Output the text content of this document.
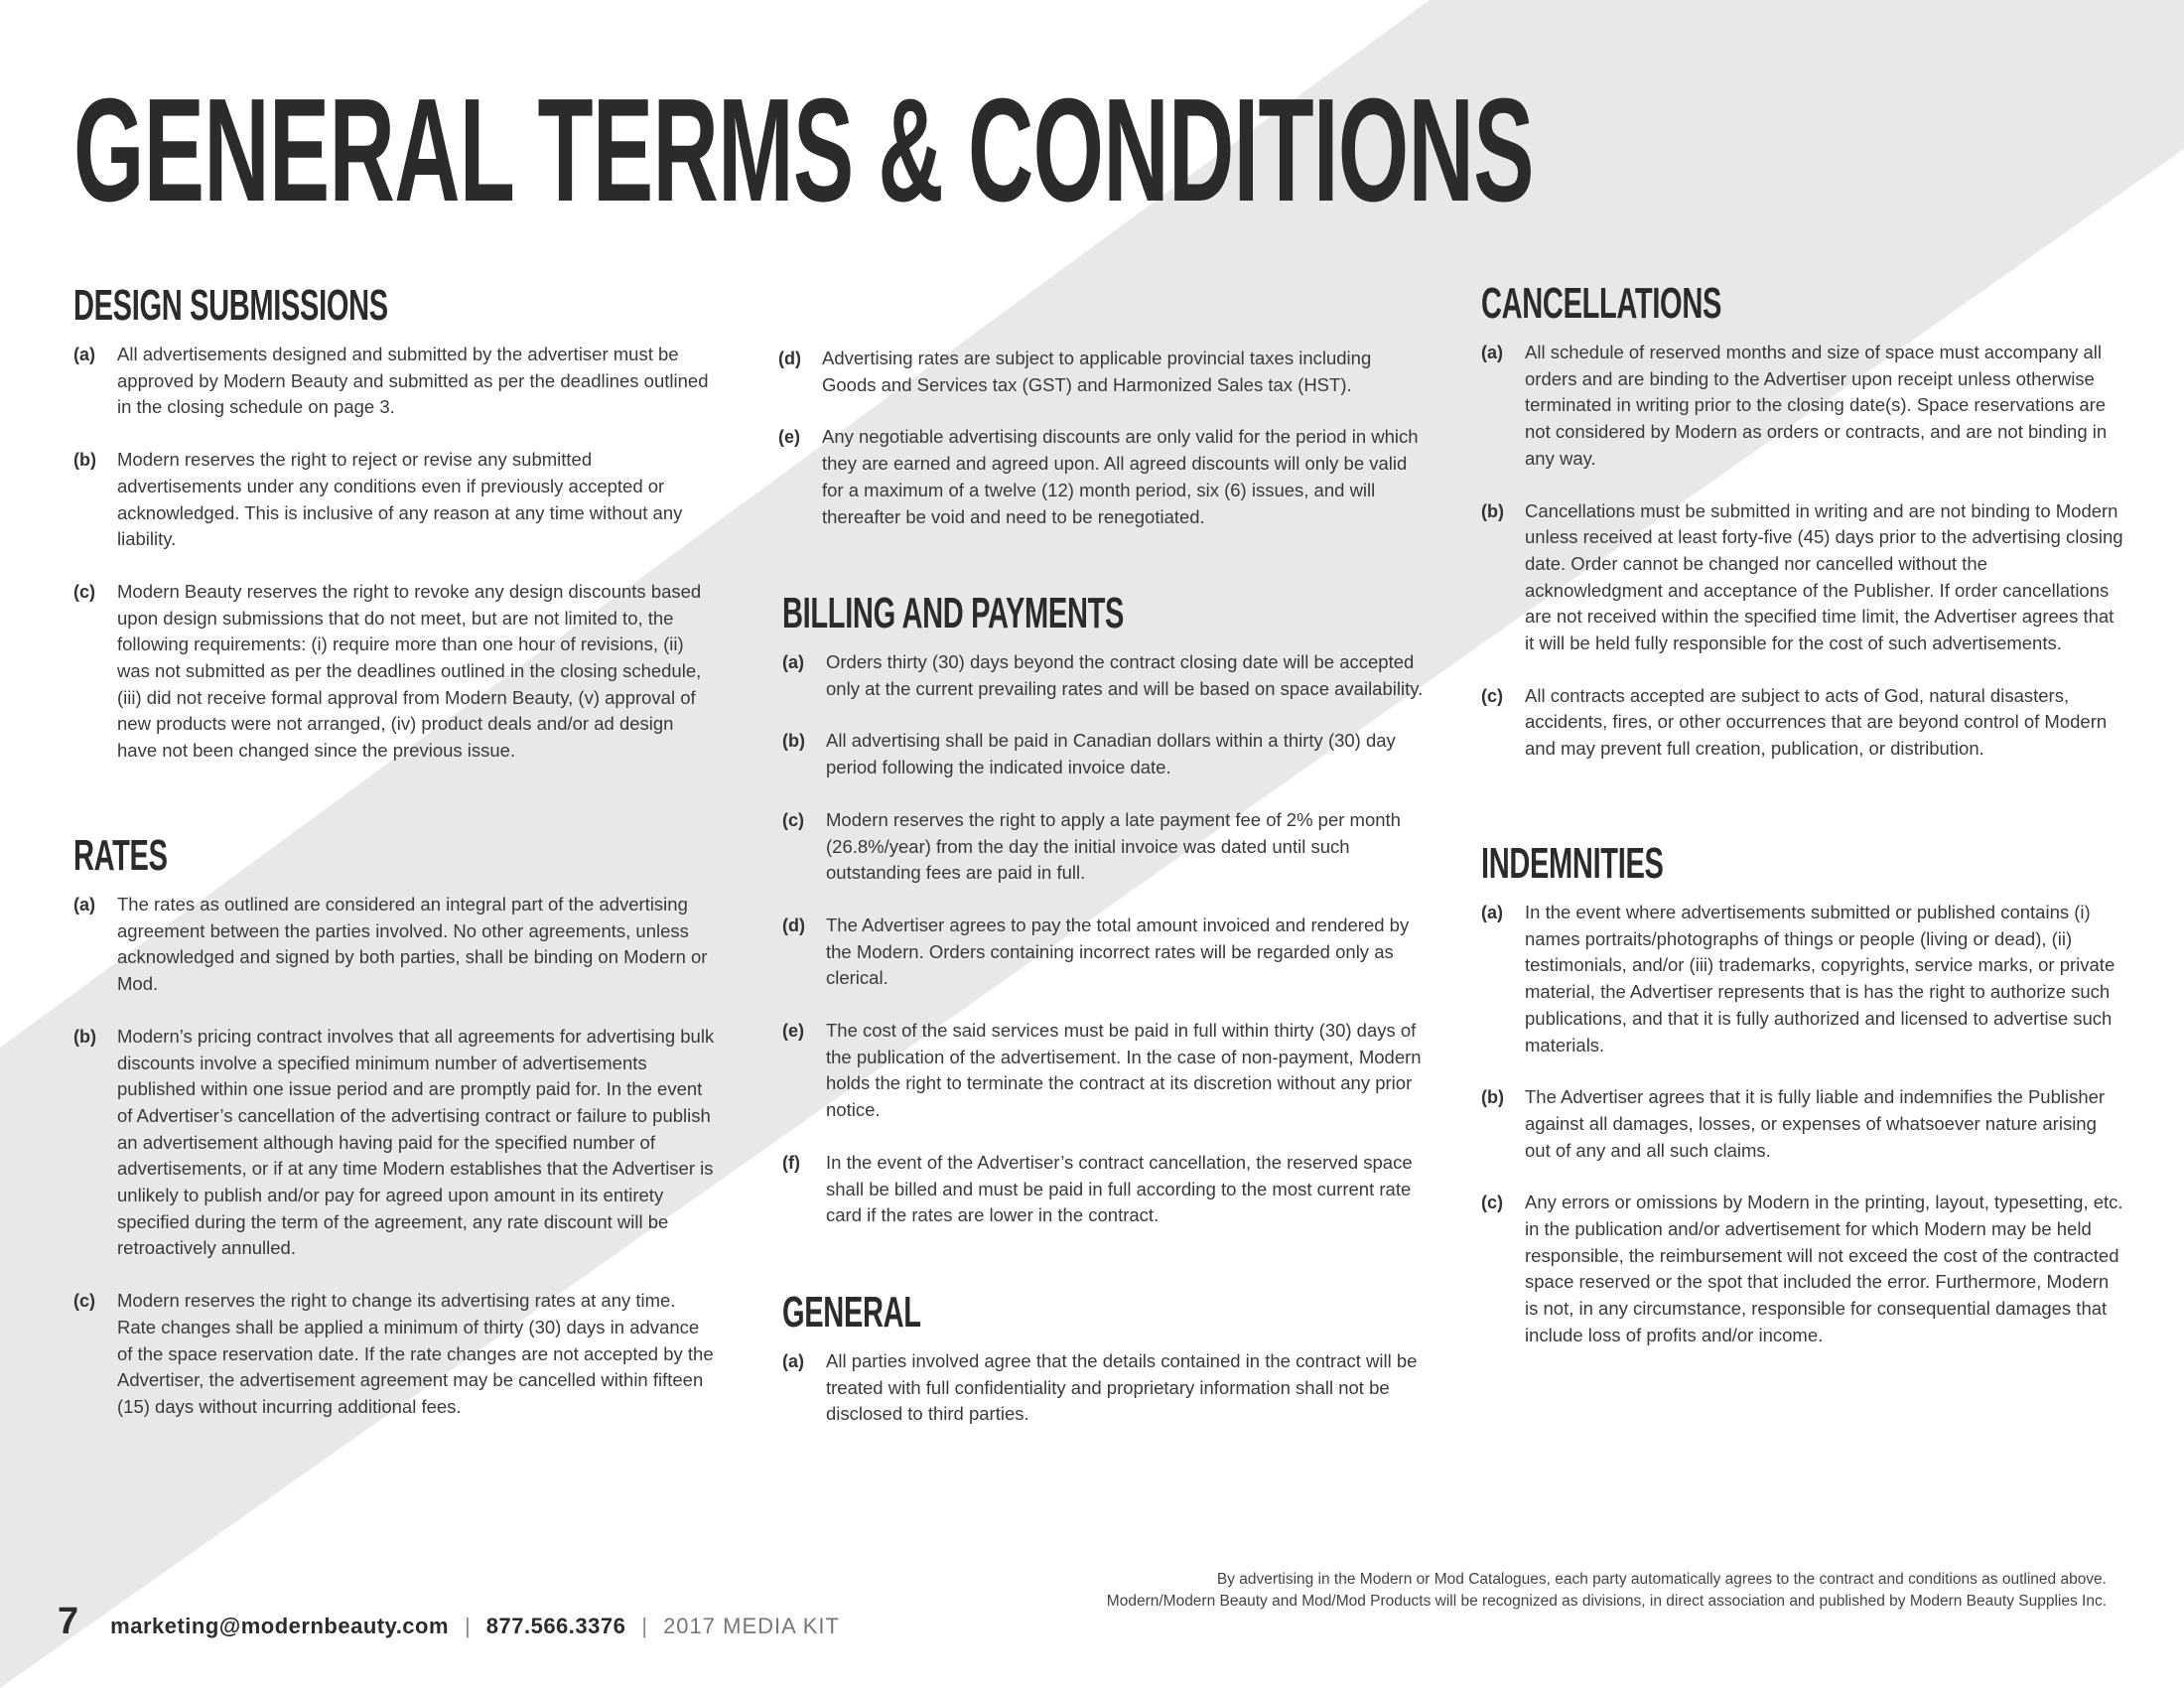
GENERAL TERMS & CONDITIONS
DESIGN SUBMISSIONS
(a)	All advertisements designed and submitted by the advertiser must be approved by Modern Beauty and submitted as per the deadlines outlined in the closing schedule on page 3.
(b)	Modern reserves the right to reject or revise any submitted advertisements under any conditions even if previously accepted or acknowledged. This is inclusive of any reason at any time without any liability.
(c)	Modern Beauty reserves the right to revoke any design discounts based upon design submissions that do not meet, but are not limited to, the following requirements: (i) require more than one hour of revisions, (ii) was not submitted as per the deadlines outlined in the closing schedule, (iii) did not receive formal approval from Modern Beauty, (v) approval of new products were not arranged, (iv) product deals and/or ad design have not been changed since the previous issue.
RATES
(a)	The rates as outlined are considered an integral part of the advertising agreement between the parties involved. No other agreements, unless acknowledged and signed by both parties, shall be binding on Modern or Mod.
(b)	Modern’s pricing contract involves that all agreements for advertising bulk discounts involve a specified minimum number of advertisements published within one issue period and are promptly paid for. In the event of Advertiser’s cancellation of the advertising contract or failure to publish an advertisement although having paid for the specified number of advertisements, or if at any time Modern establishes that the Advertiser is unlikely to publish and/or pay for agreed upon amount in its entirety specified during the term of the agreement, any rate discount will be retroactively annulled.
(c)	Modern reserves the right to change its advertising rates at any time. Rate changes shall be applied a minimum of thirty (30) days in advance of the space reservation date. If the rate changes are not accepted by the Advertiser, the advertisement agreement may be cancelled within fifteen (15) days without incurring additional fees.
(d)	Advertising rates are subject to applicable provincial taxes including Goods and Services tax (GST) and Harmonized Sales tax (HST).
(e)	Any negotiable advertising discounts are only valid for the period in which they are earned and agreed upon. All agreed discounts will only be valid for a maximum of a twelve (12) month period, six (6) issues, and will thereafter be void and need to be renegotiated.
BILLING AND PAYMENTS
(a)	Orders thirty (30) days beyond the contract closing date will be accepted only at the current prevailing rates and will be based on space availability.
(b)	All advertising shall be paid in Canadian dollars within a thirty (30) day period following the indicated invoice date.
(c)	Modern reserves the right to apply a late payment fee of 2% per month (26.8%/year) from the day the initial invoice was dated until such outstanding fees are paid in full.
(d)	The Advertiser agrees to pay the total amount invoiced and rendered by the Modern. Orders containing incorrect rates will be regarded only as clerical.
(e)	The cost of the said services must be paid in full within thirty (30) days of the publication of the advertisement. In the case of non-payment, Modern holds the right to terminate the contract at its discretion without any prior notice.
(f)	In the event of the Advertiser’s contract cancellation, the reserved space shall be billed and must be paid in full according to the most current rate card if the rates are lower in the contract.
GENERAL
(a)	All parties involved agree that the details contained in the contract will be treated with full confidentiality and proprietary information shall not be disclosed to third parties.
CANCELLATIONS
(a)	All schedule of reserved months and size of space must accompany all orders and are binding to the Advertiser upon receipt unless otherwise terminated in writing prior to the closing date(s). Space reservations are not considered by Modern as orders or contracts, and are not binding in any way.
(b)	Cancellations must be submitted in writing and are not binding to Modern unless received at least forty-five (45) days prior to the advertising closing date. Order cannot be changed nor cancelled without the acknowledgment and acceptance of the Publisher. If order cancellations are not received within the specified time limit, the Advertiser agrees that it will be held fully responsible for the cost of such advertisements.
(c)	All contracts accepted are subject to acts of God, natural disasters, accidents, fires, or other occurrences that are beyond control of Modern and may prevent full creation, publication, or distribution.
INDEMNITIES
(a)	In the event where advertisements submitted or published contains (i) names portraits/photographs of things or people (living or dead), (ii) testimonials, and/or (iii) trademarks, copyrights, service marks, or private material, the Advertiser represents that is has the right to authorize such publications, and that it is fully authorized and licensed to advertise such materials.
(b)	The Advertiser agrees that it is fully liable and indemnifies the Publisher against all damages, losses, or expenses of whatsoever nature arising out of any and all such claims.
(c)	Any errors or omissions by Modern in the printing, layout, typesetting, etc. in the publication and/or advertisement for which Modern may be held responsible, the reimbursement will not exceed the cost of the contracted space reserved or the spot that included the error. Furthermore, Modern is not, in any circumstance, responsible for consequential damages that include loss of profits and/or income.
7 marketing@modernbeauty.com | 877.566.3376 | 2017 MEDIA KIT
By advertising in the Modern or Mod Catalogues, each party automatically agrees to the contract and conditions as outlined above.
Modern/Modern Beauty and Mod/Mod Products will be recognized as divisions, in direct association and published by Modern Beauty Supplies Inc.
